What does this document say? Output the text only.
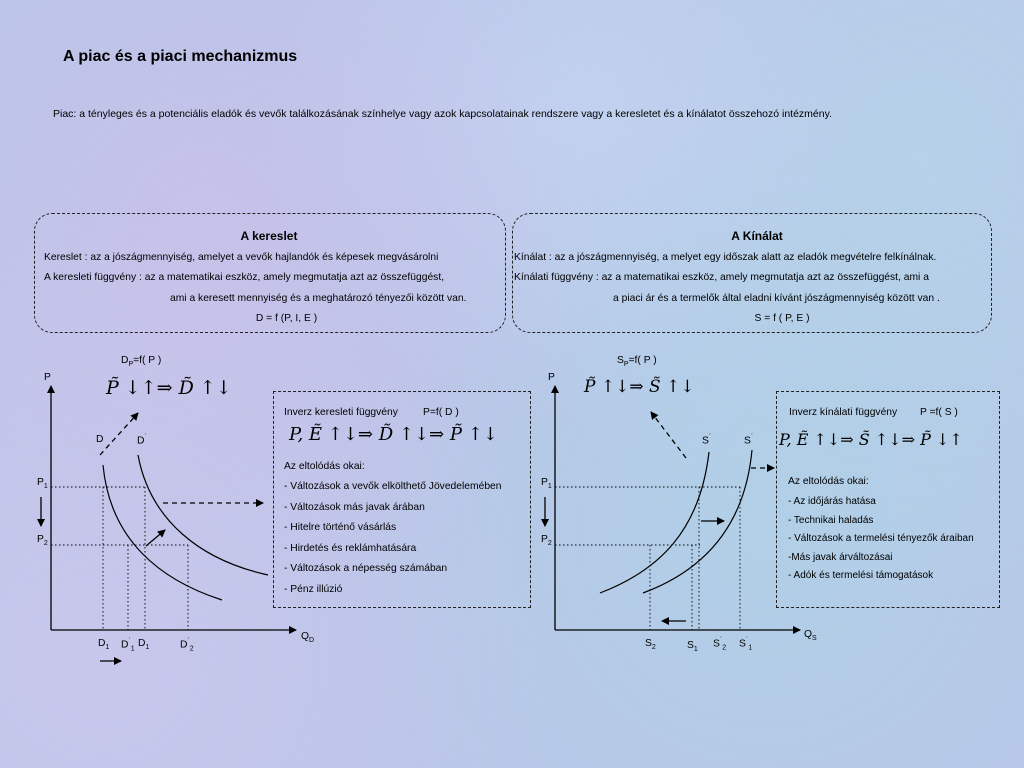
A piac és a piaci mechanizmus
Piac: a tényleges és a potenciális eladók és vevők találkozásának színhelye vagy azok kapcsolatainak rendszere vagy a keresletet és a kínálatot összehozó intézmény.
A kereslet
Kereslet : az a jószágmennyiség, amelyet a vevők hajlandók és képesek megvásárolni
A keresleti függvény : az a matematikai eszköz, amely megmutatja azt az összefüggést,
ami a keresett mennyiség és a meghatározó tényezői között van.
D = f (P, I, E )
A Kínálat
Kínálat : az a jószágmennyiség, a melyet egy időszak alatt az eladók megvételre felkínálnak.
Kínálati függvény : az a matematikai eszköz, amely megmutatja azt az összefüggést, ami a
a piaci ár és a termelők által eladni kívánt jószágmennyiség között van .
S = f ( P, E )
$D_P=f$( P )
P̃ ↓↑⇒ D̃ ↑↓
P
$Q_D$
D	D´
$P_1$
$P_2$
$D_1$ $D^´_1$ $D_1$	$D^´_2$
Inverz keresleti függvény P=f( D )
P, Ẽ ↑↓⇒ D̃ ↑↓⇒ P̃ ↑↓
Az eltolódás okai:
- Változások a vevők elkölthető Jövedelemében
- Változások más javak árában
- Hitelre történő vásárlás
- Hirdetés és reklámhatására
- Változások a népesség számában
- Pénz illúzió
$S_P=f$( P )
P̃ ↑↓⇒ S̃ ↑↓
P
$Q_S$
S´	S´
$P_1$
$P_2$
$S_2$	$S_1$
$S^´_2$ $S^´_1$
Inverz kínálati függvény P =f( S )
P, Ẽ ↑↓⇒ S̃ ↑↓⇒ P̃ ↓↑
Az eltolódás okai:
- Az időjárás hatása
- Technikai haladás
- Változások a termelési tényezők áraiban
-Más javak árváltozásai
- Adók és termelési támogatások
